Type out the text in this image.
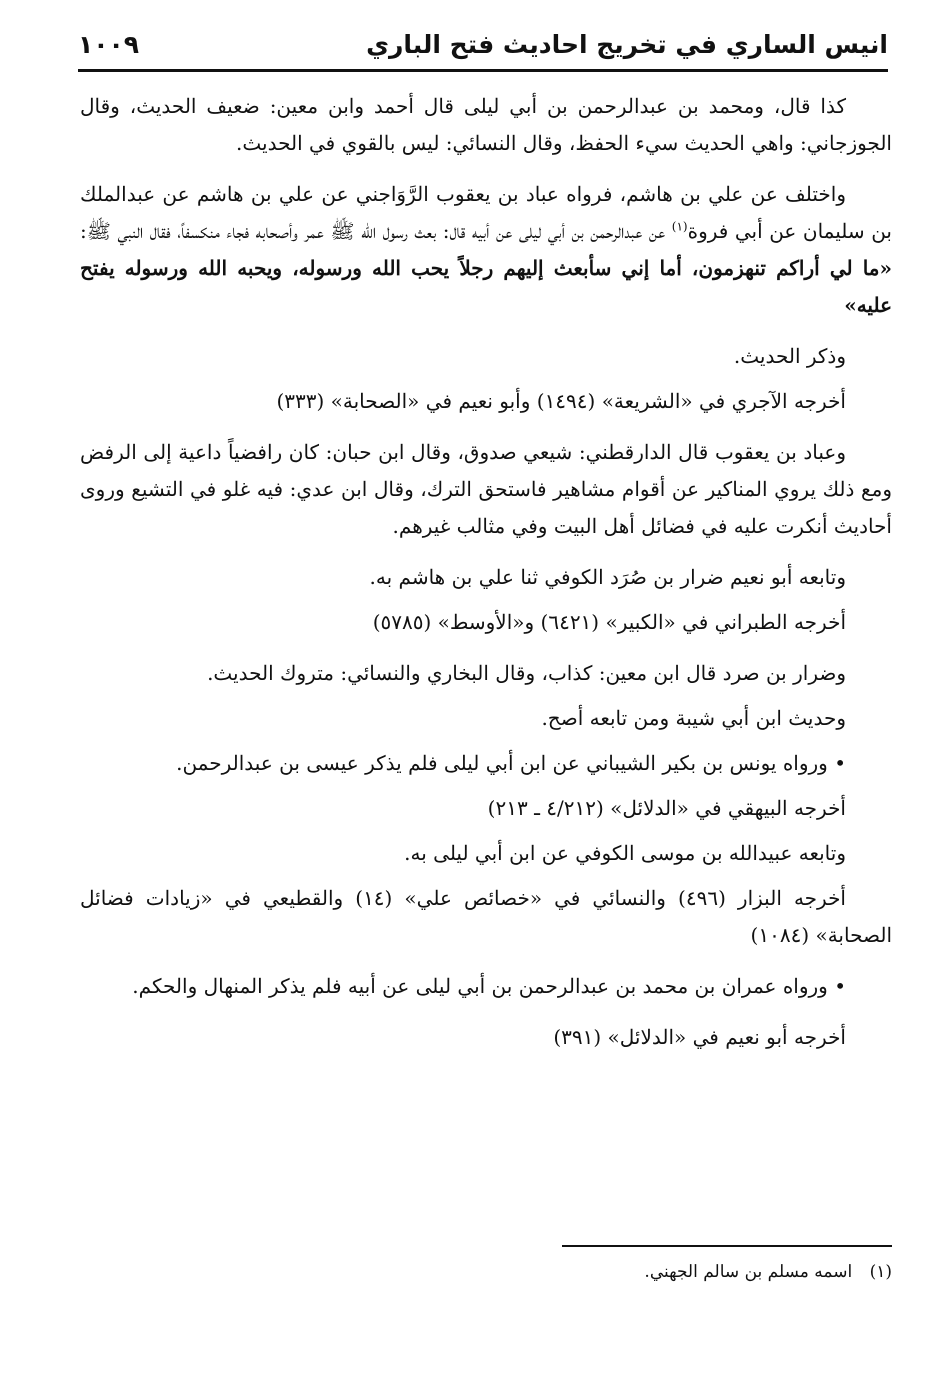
انيس الساري في تخريج احاديث فتح الباري
١٠٠٩

كذا قال، ومحمد بن عبدالرحمن بن أبي ليلى قال أحمد وابن معين: ضعيف الحديث، وقال الجوزجاني: واهي الحديث سيء الحفظ، وقال النسائي: ليس بالقوي في الحديث.

واختلف عن علي بن هاشم، فرواه عباد بن يعقوب الرَّوَاجني عن علي بن هاشم عن عبدالملك بن سليمان عن أبي فروة$^{(١)}$ عن عبدالرحمن بن أبي ليلى عن أبيه قال: بعث رسول الله ﷺ عمر وأصحابه فجاء منكسفاً، فقال النبي ﷺ: «ما لي أراكم تنهزمون، أما إني سأبعث إليهم رجلاً يحب الله ورسوله، ويحبه الله ورسوله يفتح عليه»

وذكر الحديث.

أخرجه الآجري في «الشريعة» (١٤٩٤) وأبو نعيم في «الصحابة» (٣٣٣)

وعباد بن يعقوب قال الدارقطني: شيعي صدوق، وقال ابن حبان: كان رافضياً داعية إلى الرفض ومع ذلك يروي المناكير عن أقوام مشاهير فاستحق الترك، وقال ابن عدي: فيه غلو في التشيع وروى أحاديث أنكرت عليه في فضائل أهل البيت وفي مثالب غيرهم.

وتابعه أبو نعيم ضرار بن صُرَد الكوفي ثنا علي بن هاشم به.

أخرجه الطبراني في «الكبير» (٦٤٢١) و«الأوسط» (٥٧٨٥)

وضرار بن صرد قال ابن معين: كذاب، وقال البخاري والنسائي: متروك الحديث.

وحديث ابن أبي شيبة ومن تابعه أصح.

• ورواه يونس بن بكير الشيباني عن ابن أبي ليلى فلم يذكر عيسى بن عبدالرحمن.

أخرجه البيهقي في «الدلائل» (٤/٢١٢ ـ ٢١٣)

وتابعه عبيدالله بن موسى الكوفي عن ابن أبي ليلى به.

أخرجه البزار (٤٩٦) والنسائي في «خصائص علي» (١٤) والقطيعي في «زيادات فضائل الصحابة» (١٠٨٤)

• ورواه عمران بن محمد بن عبدالرحمن بن أبي ليلى عن أبيه فلم يذكر المنهال والحكم.

أخرجه أبو نعيم في «الدلائل» (٣٩١)

(١) اسمه مسلم بن سالم الجهني.
